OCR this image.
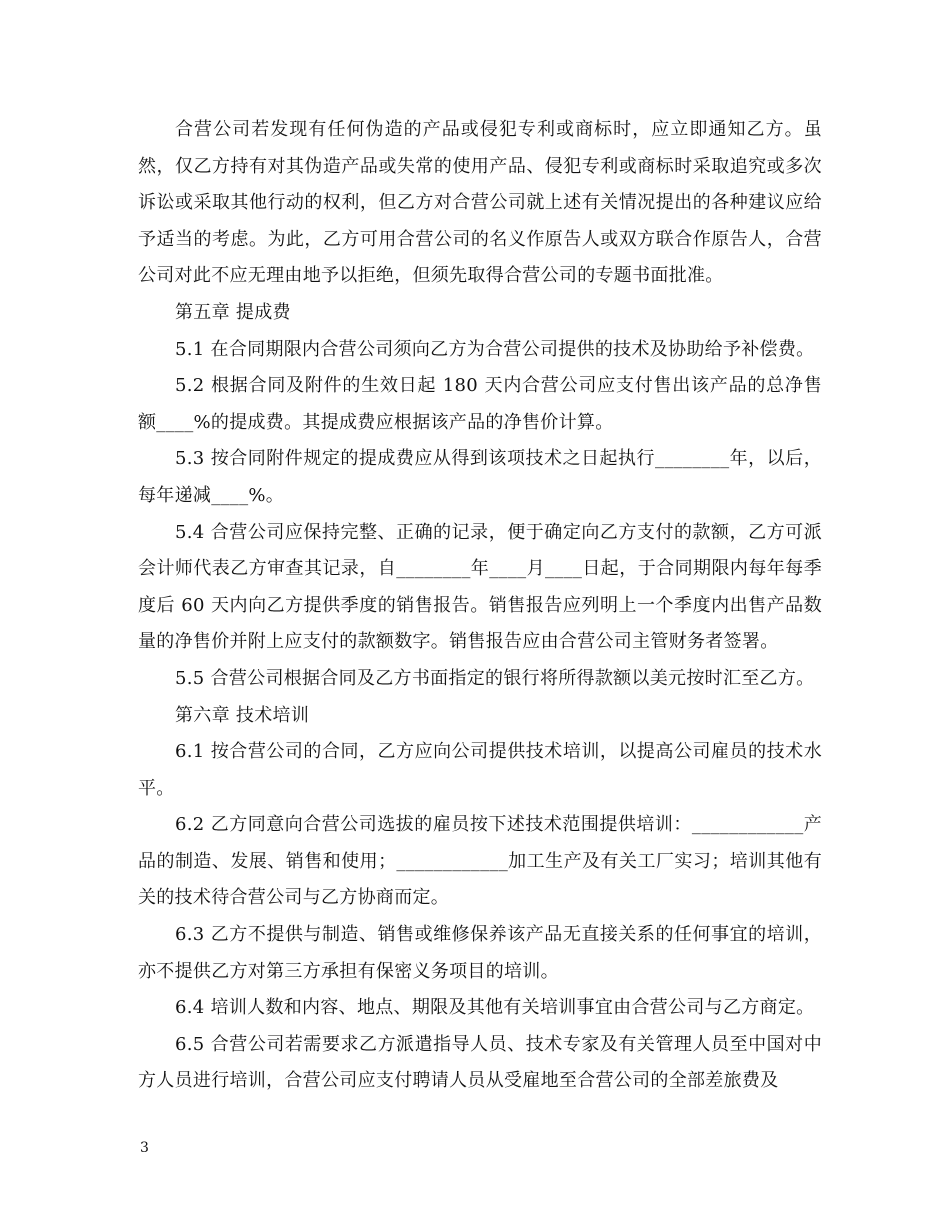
合营公司若发现有任何伪造的产品或侵犯专利或商标时，应立即通知乙方。虽然，仅乙方持有对其伪造产品或失常的使用产品、侵犯专利或商标时采取追究或多次诉讼或采取其他行动的权利，但乙方对合营公司就上述有关情况提出的各种建议应给予适当的考虑。为此，乙方可用合营公司的名义作原告人或双方联合作原告人，合营公司对此不应无理由地予以拒绝，但须先取得合营公司的专题书面批准。

第五章 提成费

5.1 在合同期限内合营公司须向乙方为合营公司提供的技术及协助给予补偿费。

5.2 根据合同及附件的生效日起 180 天内合营公司应支付售出该产品的总净售额____%的提成费。其提成费应根据该产品的净售价计算。

5.3 按合同附件规定的提成费应从得到该项技术之日起执行________年，以后，每年递减____%。

5.4 合营公司应保持完整、正确的记录，便于确定向乙方支付的款额，乙方可派会计师代表乙方审查其记录，自________年____月____日起，于合同期限内每年每季度后 60 天内向乙方提供季度的销售报告。销售报告应列明上一个季度内出售产品数量的净售价并附上应支付的款额数字。销售报告应由合营公司主管财务者签署。

5.5 合营公司根据合同及乙方书面指定的银行将所得款额以美元按时汇至乙方。

第六章 技术培训

6.1 按合营公司的合同，乙方应向公司提供技术培训，以提高公司雇员的技术水平。

6.2 乙方同意向合营公司选拔的雇员按下述技术范围提供培训：____________产品的制造、发展、销售和使用；____________加工生产及有关工厂实习；培训其他有关的技术待合营公司与乙方协商而定。

6.3 乙方不提供与制造、销售或维修保养该产品无直接关系的任何事宜的培训，亦不提供乙方对第三方承担有保密义务项目的培训。

6.4 培训人数和内容、地点、期限及其他有关培训事宜由合营公司与乙方商定。

6.5 合营公司若需要求乙方派遣指导人员、技术专家及有关管理人员至中国对中方人员进行培训，合营公司应支付聘请人员从受雇地至合营公司的全部差旅费及

3
